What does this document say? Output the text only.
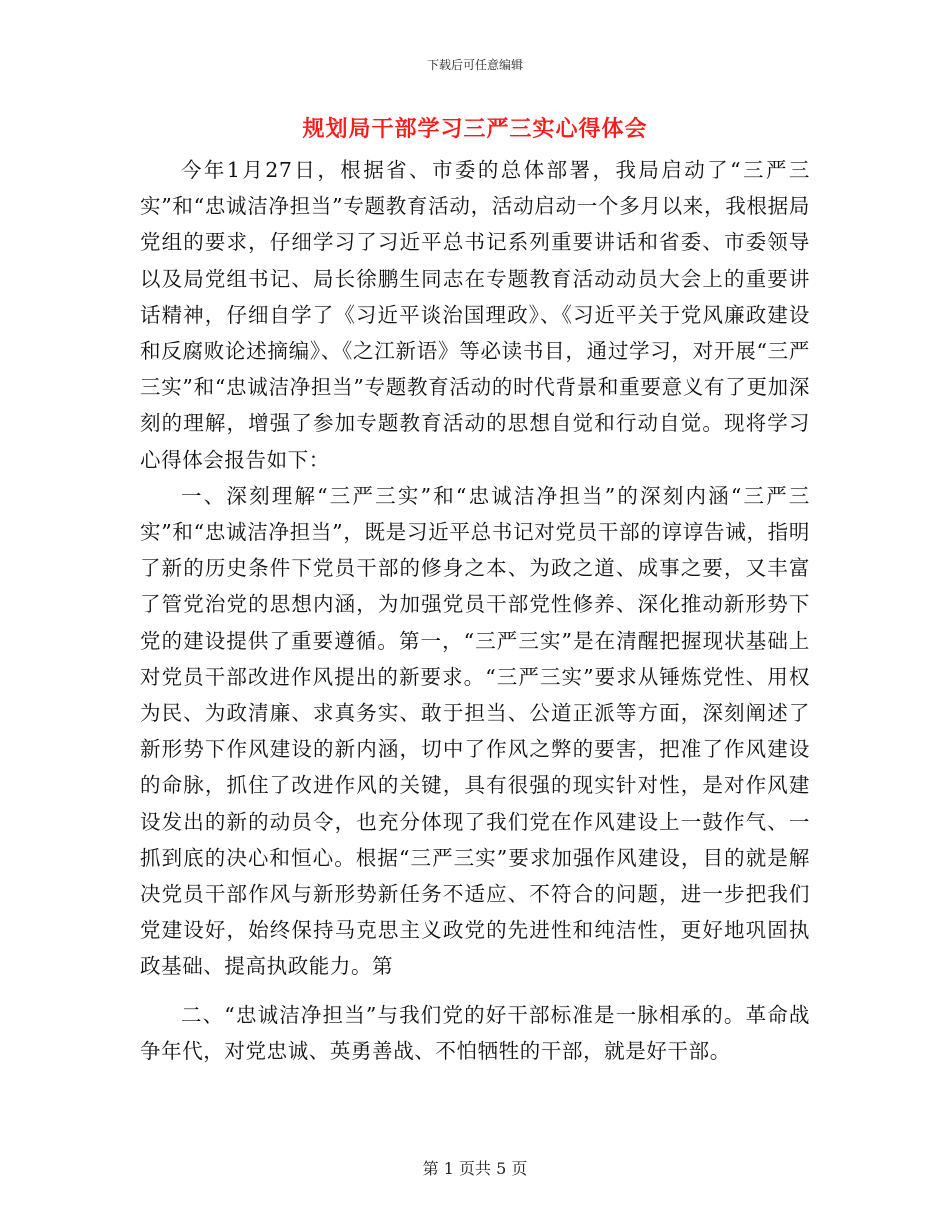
下载后可任意编辑
规划局干部学习三严三实心得体会

今年1月27日，根据省、市委的总体部署，我局启动了“三严三实”和“忠诚洁净担当”专题教育活动，活动启动一个多月以来，我根据局党组的要求，仔细学习了习近平总书记系列重要讲话和省委、市委领导以及局党组书记、局长徐鹏生同志在专题教育活动动员大会上的重要讲话精神，仔细自学了《习近平谈治国理政》、《习近平关于党风廉政建设和反腐败论述摘编》、《之江新语》等必读书目，通过学习，对开展“三严三实”和“忠诚洁净担当”专题教育活动的时代背景和重要意义有了更加深刻的理解，增强了参加专题教育活动的思想自觉和行动自觉。现将学习心得体会报告如下：

一、深刻理解“三严三实”和“忠诚洁净担当”的深刻内涵“三严三实”和“忠诚洁净担当”，既是习近平总书记对党员干部的谆谆告诫，指明了新的历史条件下党员干部的修身之本、为政之道、成事之要，又丰富了管党治党的思想内涵，为加强党员干部党性修养、深化推动新形势下党的建设提供了重要遵循。第一，“三严三实”是在清醒把握现状基础上对党员干部改进作风提出的新要求。“三严三实”要求从锤炼党性、用权为民、为政清廉、求真务实、敢于担当、公道正派等方面，深刻阐述了新形势下作风建设的新内涵，切中了作风之弊的要害，把准了作风建设的命脉，抓住了改进作风的关键，具有很强的现实针对性，是对作风建设发出的新的动员令，也充分体现了我们党在作风建设上一鼓作气、一抓到底的决心和恒心。根据“三严三实”要求加强作风建设，目的就是解决党员干部作风与新形势新任务不适应、不符合的问题，进一步把我们党建设好，始终保持马克思主义政党的先进性和纯洁性，更好地巩固执政基础、提高执政能力。第

二、“忠诚洁净担当”与我们党的好干部标准是一脉相承的。革命战争年代，对党忠诚、英勇善战、不怕牺牲的干部，就是好干部。

第 1 页共 5 页
